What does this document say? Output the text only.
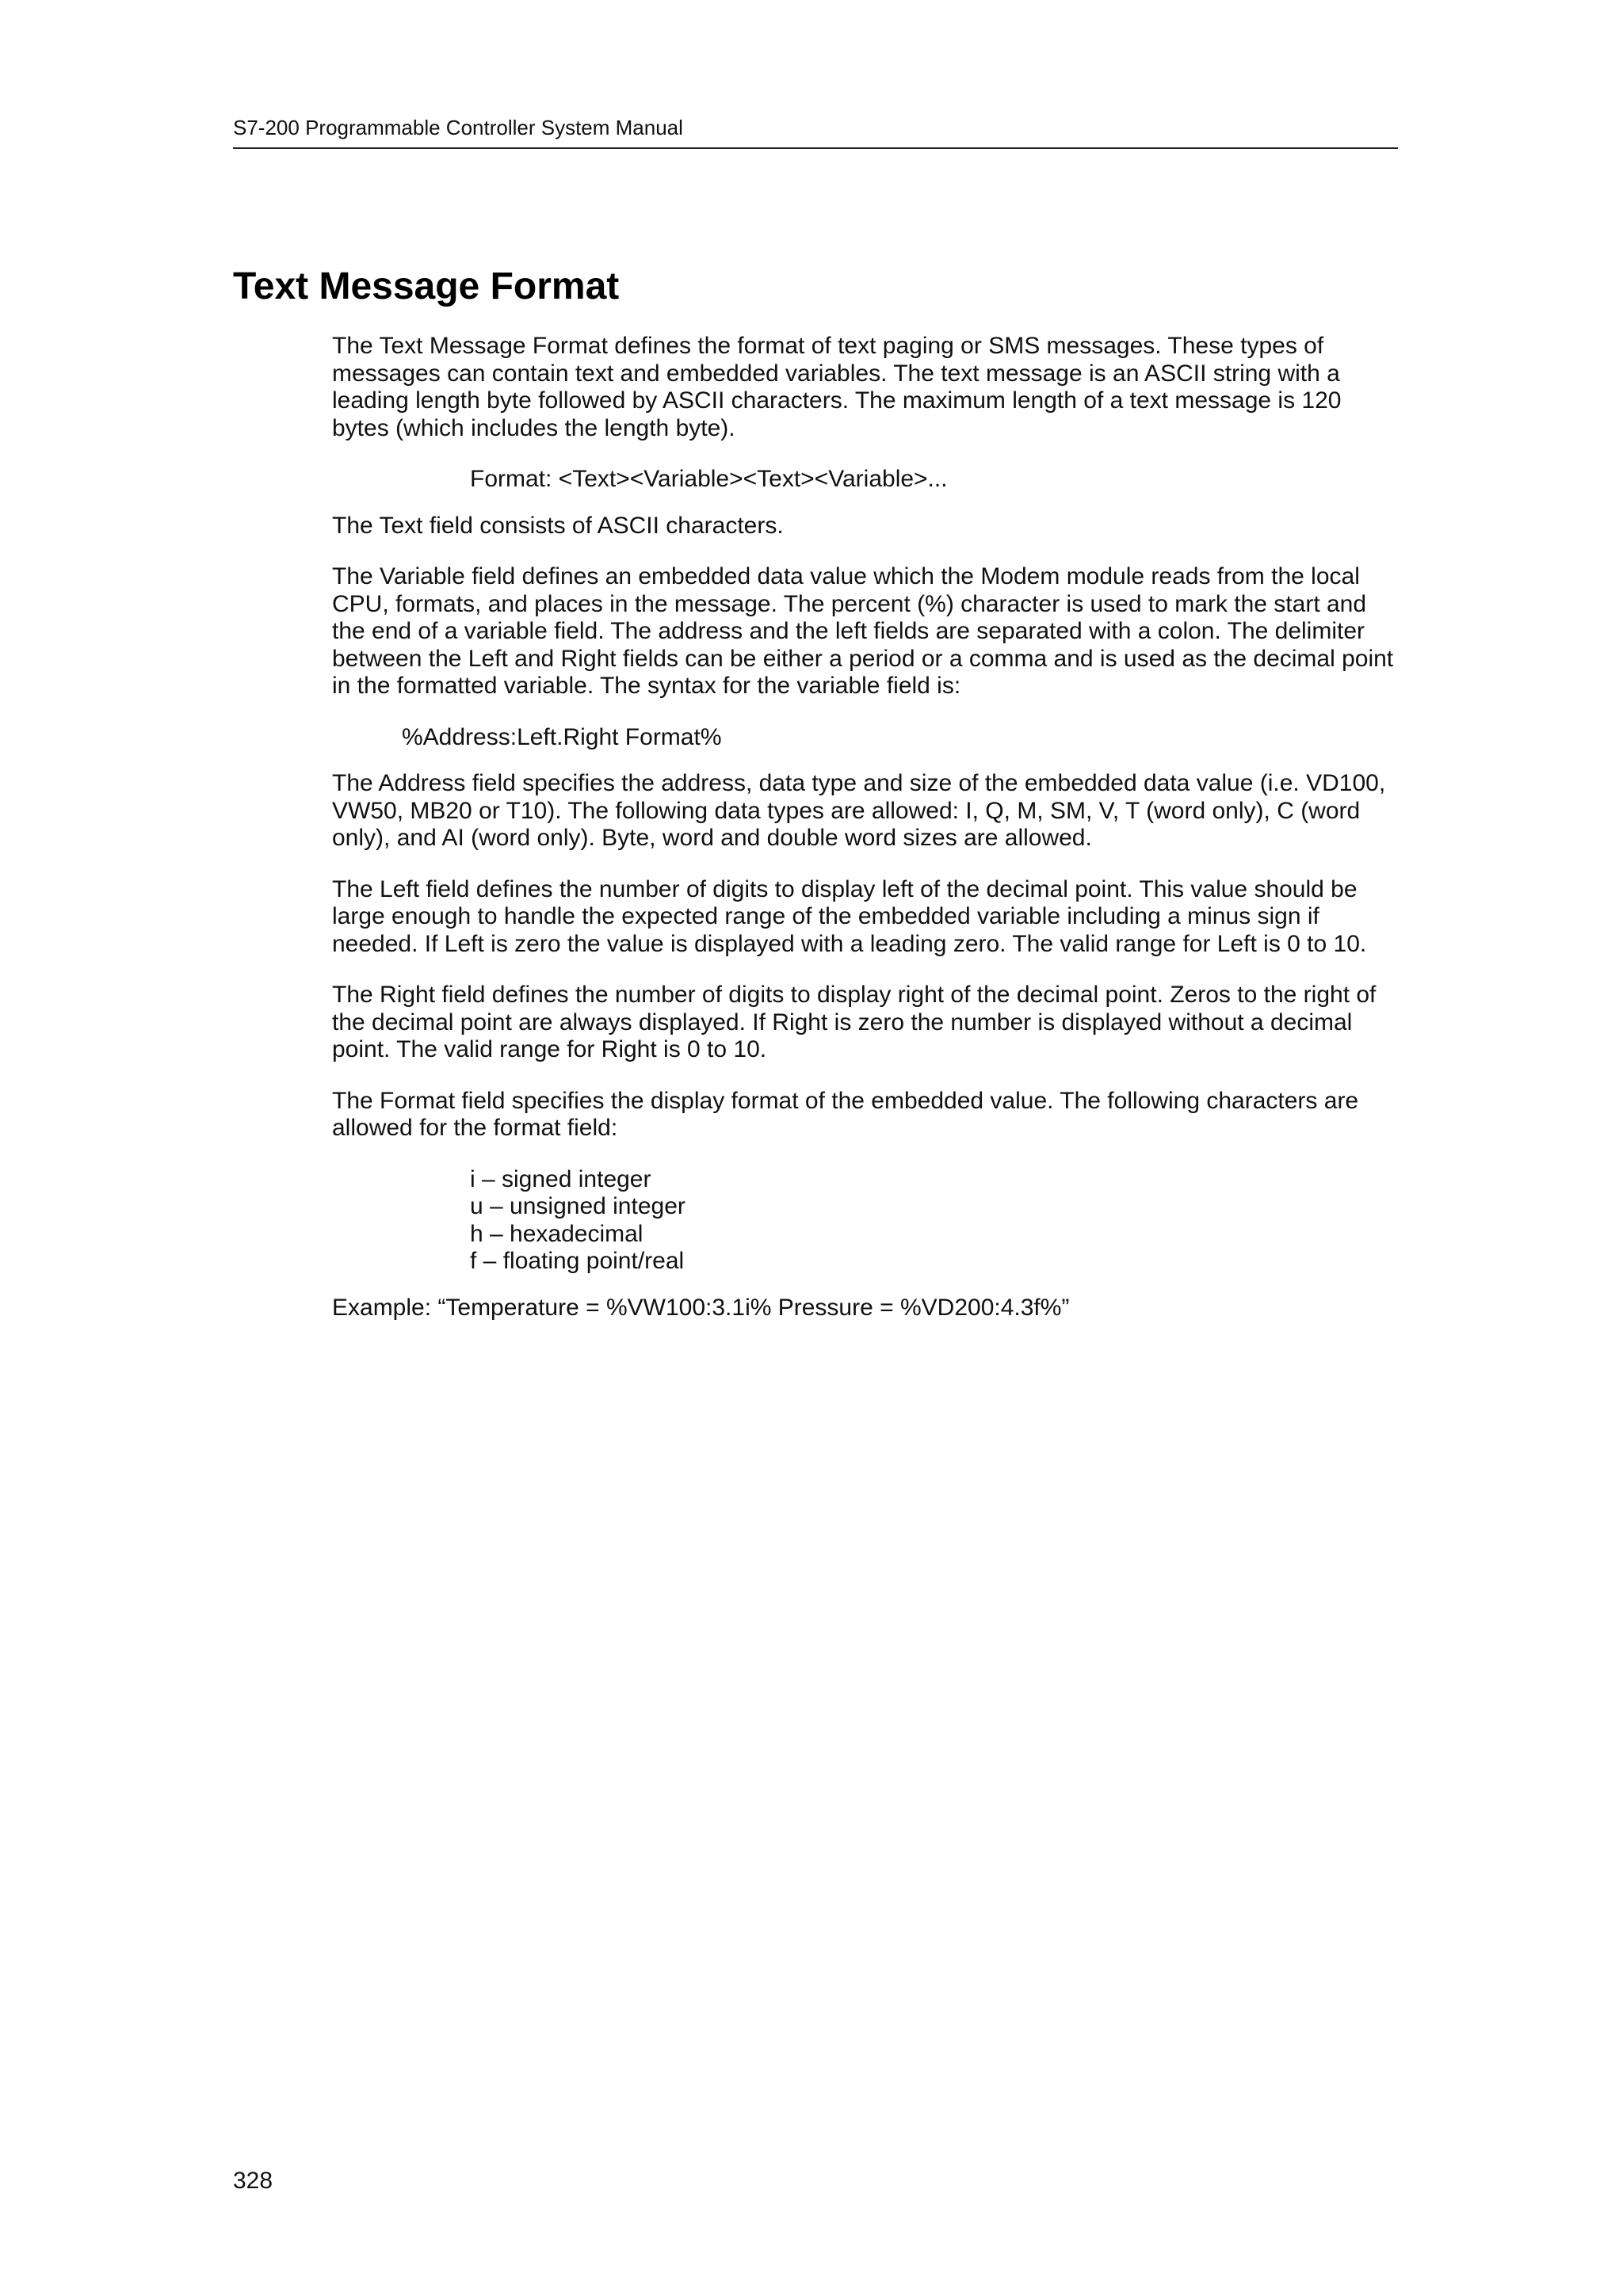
S7-200 Programmable Controller System Manual
Text Message Format

The Text Message Format defines the format of text paging or SMS messages. These types of messages can contain text and embedded variables. The text message is an ASCII string with a leading length byte followed by ASCII characters. The maximum length of a text message is 120 bytes (which includes the length byte).

Format: <Text><Variable><Text><Variable>...

The Text field consists of ASCII characters.

The Variable field defines an embedded data value which the Modem module reads from the local CPU, formats, and places in the message. The percent (%) character is used to mark the start and the end of a variable field. The address and the left fields are separated with a colon. The delimiter between the Left and Right fields can be either a period or a comma and is used as the decimal point in the formatted variable. The syntax for the variable field is:

%Address:Left.Right Format%

The Address field specifies the address, data type and size of the embedded data value (i.e. VD100, VW50, MB20 or T10). The following data types are allowed: I, Q, M, SM, V, T (word only), C (word only), and AI (word only). Byte, word and double word sizes are allowed.

The Left field defines the number of digits to display left of the decimal point. This value should be large enough to handle the expected range of the embedded variable including a minus sign if needed. If Left is zero the value is displayed with a leading zero. The valid range for Left is 0 to 10.

The Right field defines the number of digits to display right of the decimal point. Zeros to the right of the decimal point are always displayed. If Right is zero the number is displayed without a decimal point. The valid range for Right is 0 to 10.

The Format field specifies the display format of the embedded value. The following characters are allowed for the format field:

i – signed integer
u – unsigned integer
h – hexadecimal
f – floating point/real

Example: “Temperature = %VW100:3.1i% Pressure = %VD200:4.3f%”

328
